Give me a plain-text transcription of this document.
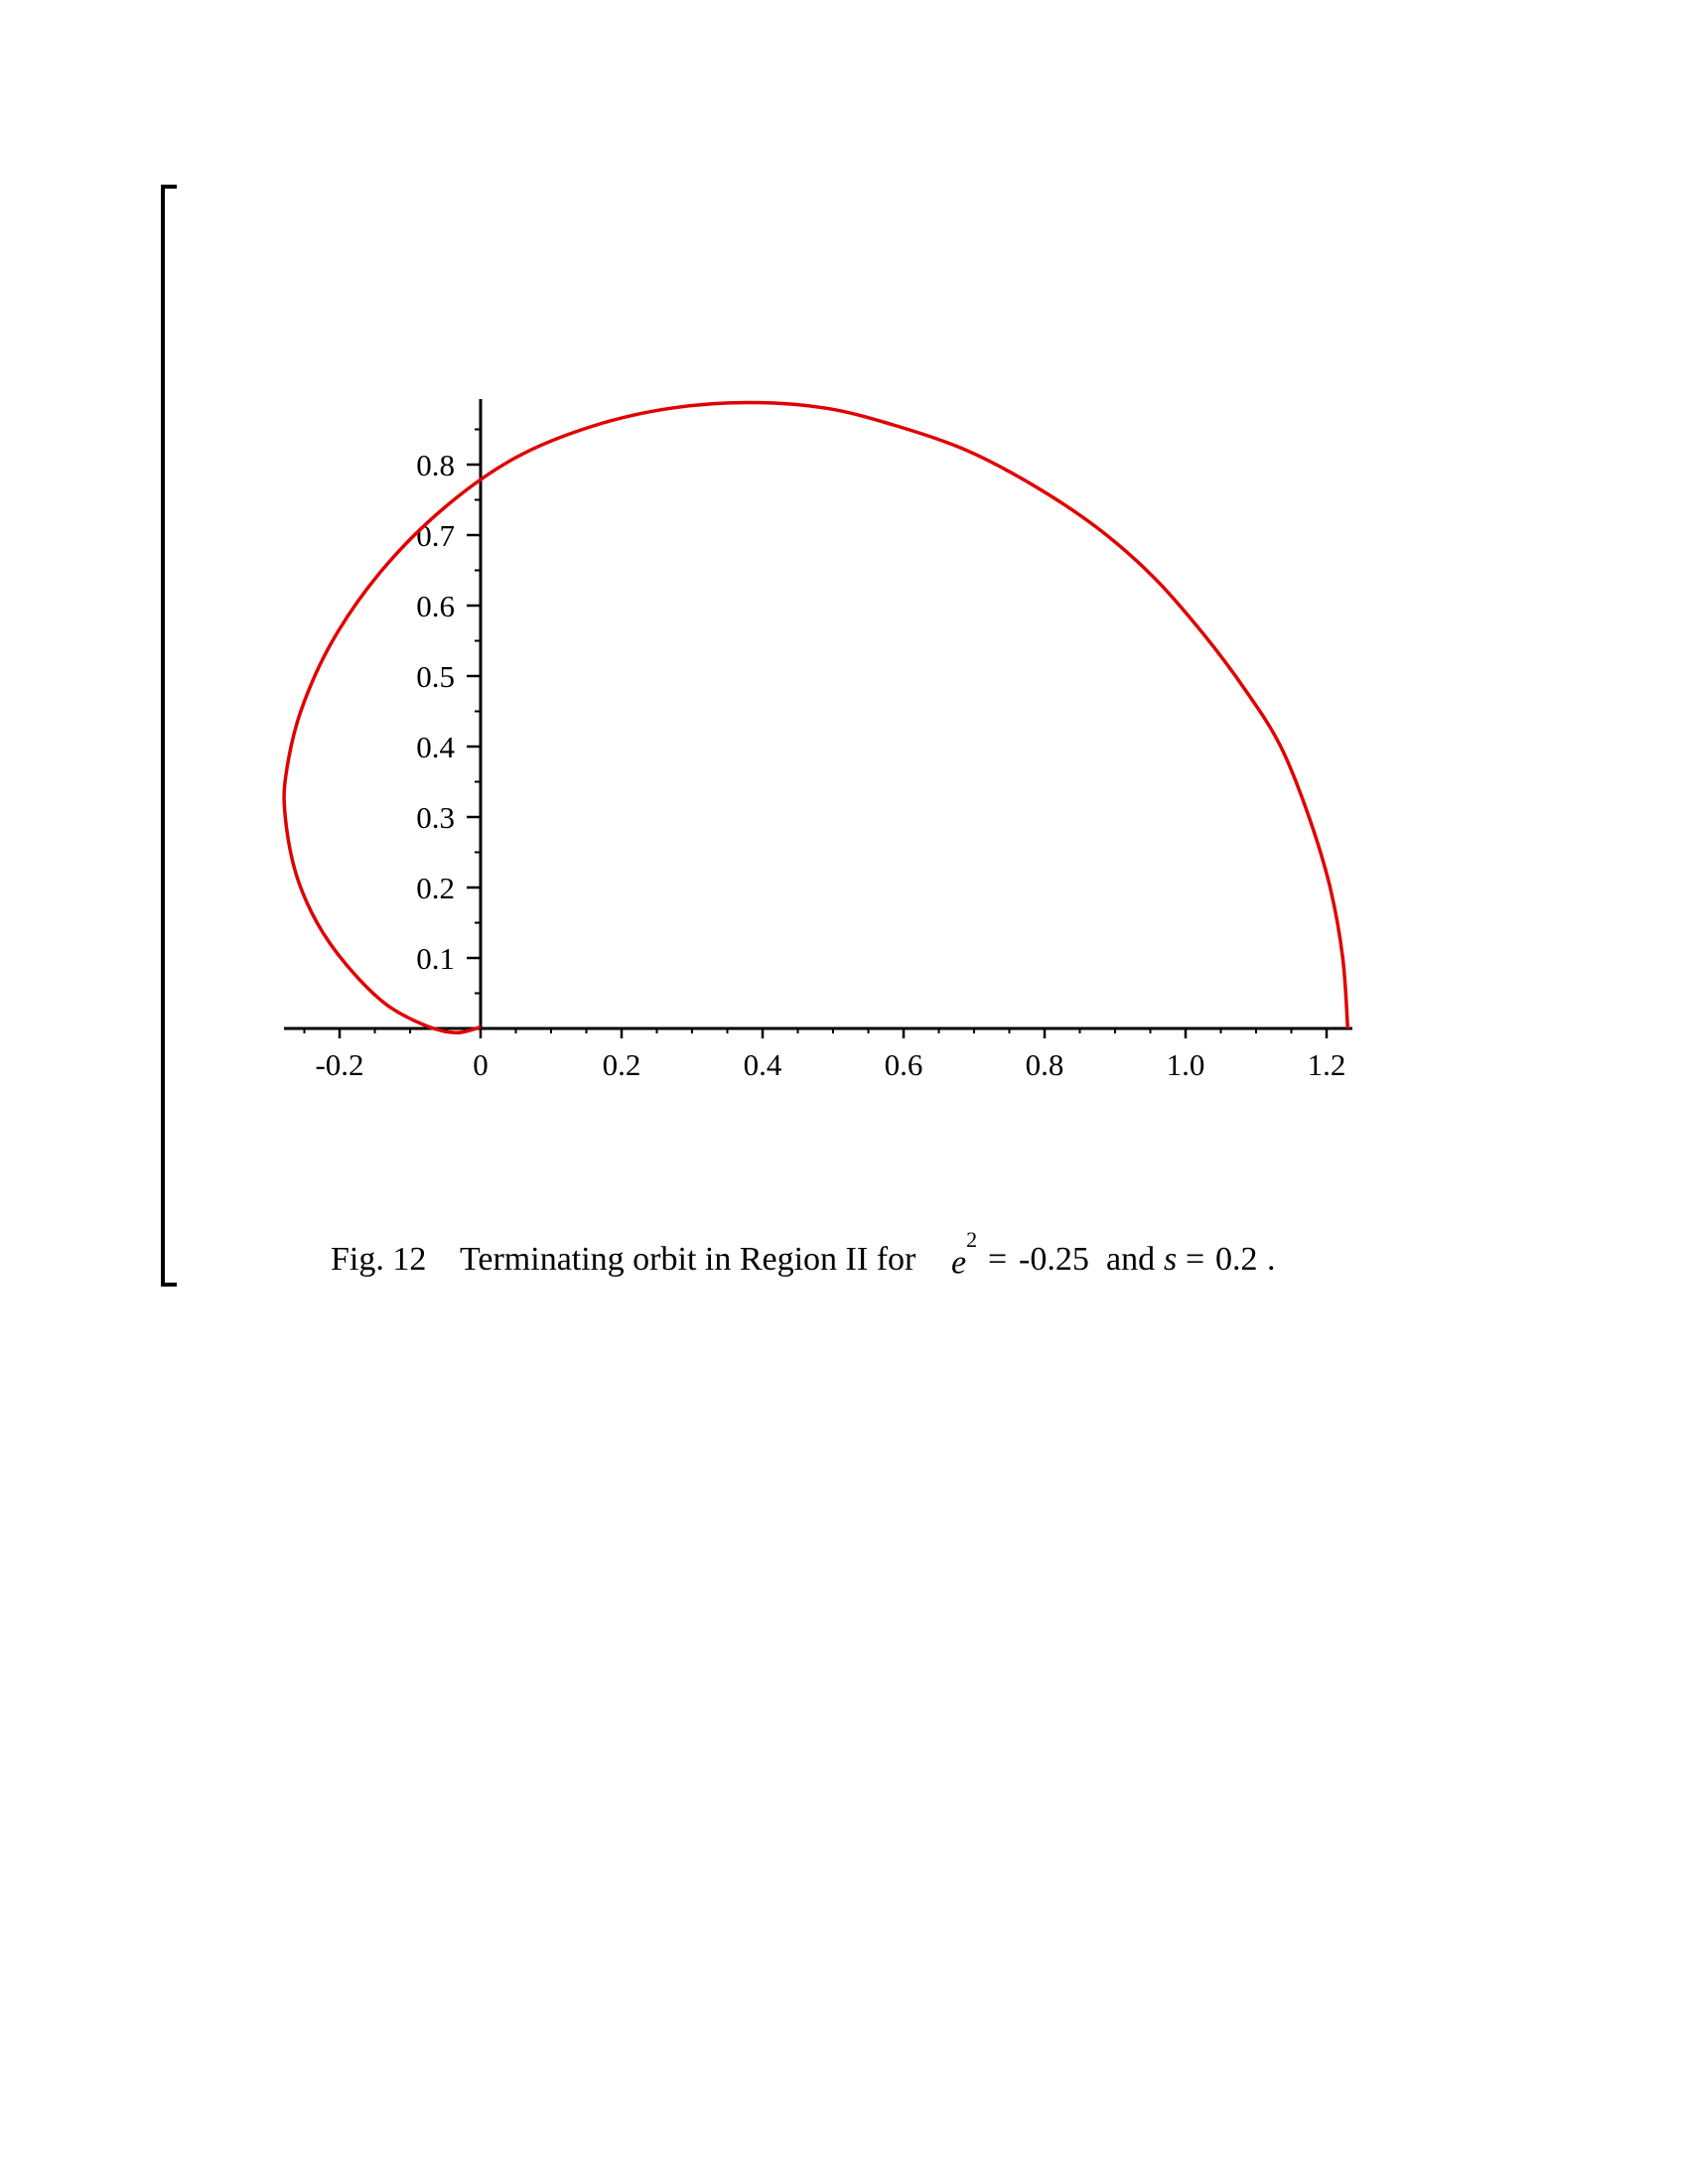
-0.2	0	0.2	0.4	0.6	0.8	1.0	1.2
0.1
0.2
0.3
0.4
0.5
0.6
0.7
0.8
Fig. 12 Terminating orbit in Region II for $e^2$
= -0.25 and s = 0.2 .
